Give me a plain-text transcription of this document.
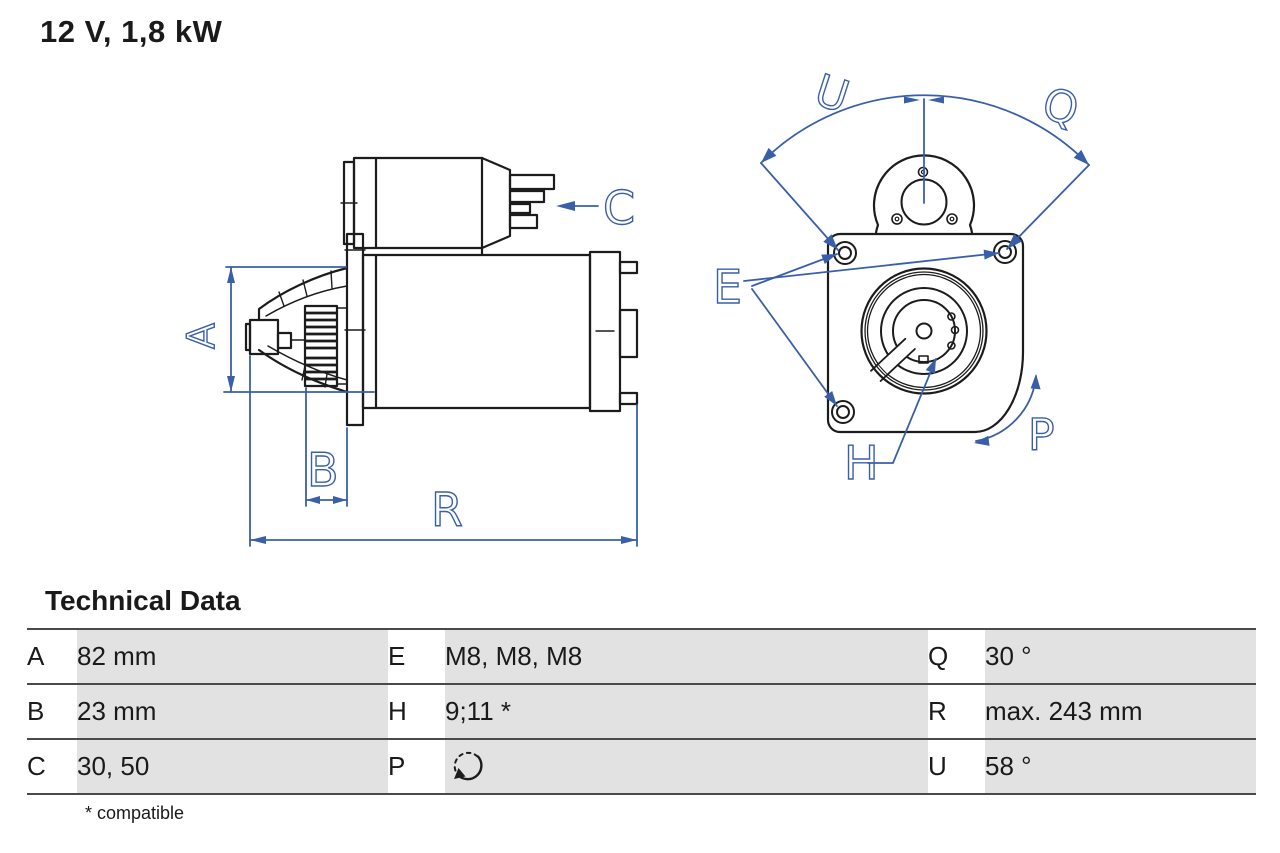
12 V, 1,8 kW
A
B
R
C
U	Q
E
H
P
Technical Data
A	82 mm	E	M8, M8, M8	Q	30 °
B	23 mm	H	9;11 *	R	max. 243 mm
C	30, 50	P		U	58 °
* compatible
